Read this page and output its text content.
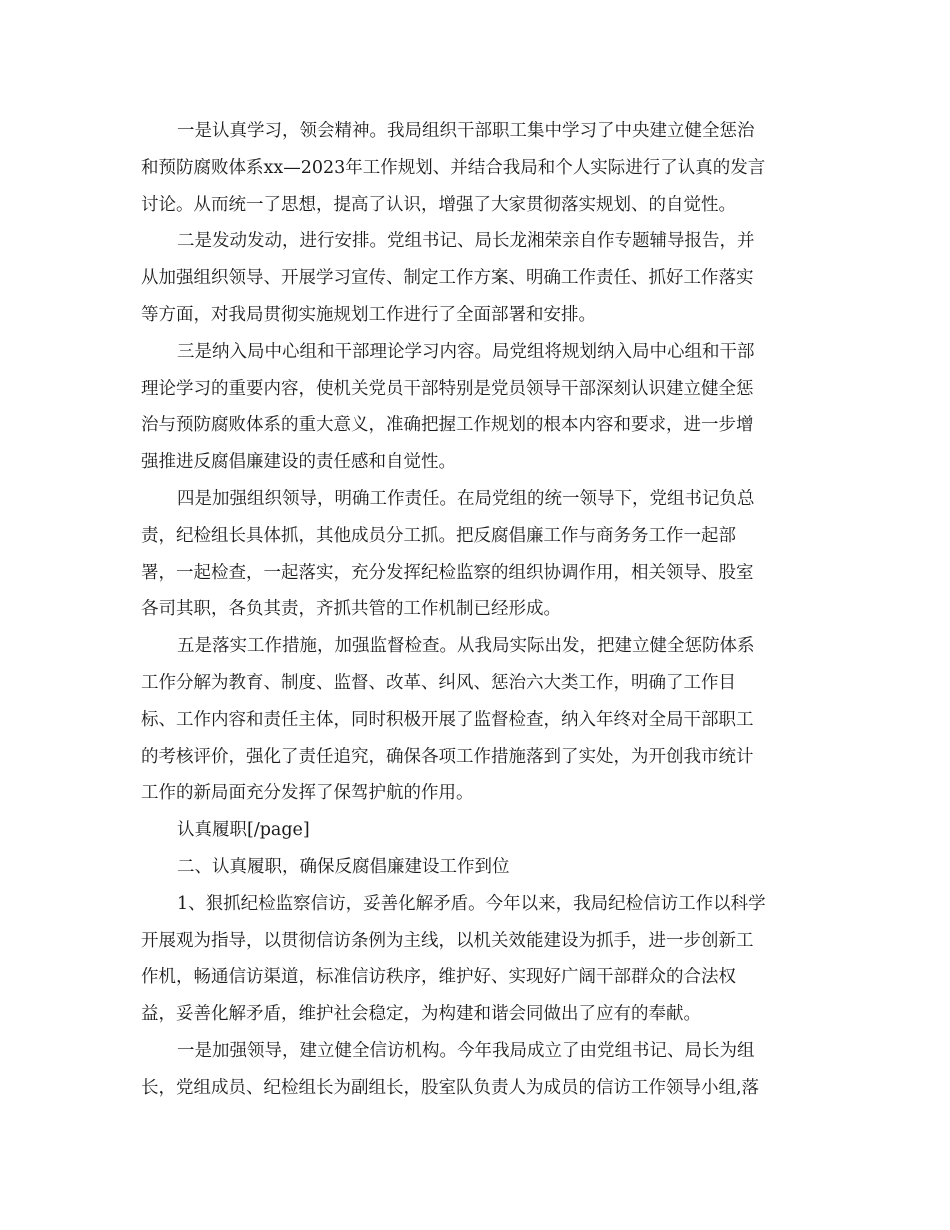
一是认真学习，领会精神。我局组织干部职工集中学习了中央建立健全惩治
和预防腐败体系xx—2023年工作规划、并结合我局和个人实际进行了认真的发言
讨论。从而统一了思想，提高了认识，增强了大家贯彻落实规划、的自觉性。

二是发动发动，进行安排。党组书记、局长龙湘荣亲自作专题辅导报告，并
从加强组织领导、开展学习宣传、制定工作方案、明确工作责任、抓好工作落实
等方面，对我局贯彻实施规划工作进行了全面部署和安排。

三是纳入局中心组和干部理论学习内容。局党组将规划纳入局中心组和干部
理论学习的重要内容，使机关党员干部特别是党员领导干部深刻认识建立健全惩
治与预防腐败体系的重大意义，准确把握工作规划的根本内容和要求，进一步增
强推进反腐倡廉建设的责任感和自觉性。

四是加强组织领导，明确工作责任。在局党组的统一领导下，党组书记负总
责，纪检组长具体抓，其他成员分工抓。把反腐倡廉工作与商务务工作一起部
署，一起检查，一起落实，充分发挥纪检监察的组织协调作用，相关领导、股室
各司其职，各负其责，齐抓共管的工作机制已经形成。

五是落实工作措施，加强监督检查。从我局实际出发，把建立健全惩防体系
工作分解为教育、制度、监督、改革、纠风、惩治六大类工作，明确了工作目
标、工作内容和责任主体，同时积极开展了监督检查，纳入年终对全局干部职工
的考核评价，强化了责任追究，确保各项工作措施落到了实处，为开创我市统计
工作的新局面充分发挥了保驾护航的作用。

认真履职[/page]

二、认真履职，确保反腐倡廉建设工作到位

1、狠抓纪检监察信访，妥善化解矛盾。今年以来，我局纪检信访工作以科学
开展观为指导，以贯彻信访条例为主线，以机关效能建设为抓手，进一步创新工
作机，畅通信访渠道，标准信访秩序，维护好、实现好广阔干部群众的合法权
益，妥善化解矛盾，维护社会稳定，为构建和谐会同做出了应有的奉献。

一是加强领导，建立健全信访机构。今年我局成立了由党组书记、局长为组
长，党组成员、纪检组长为副组长，股室队负责人为成员的信访工作领导小组,落
